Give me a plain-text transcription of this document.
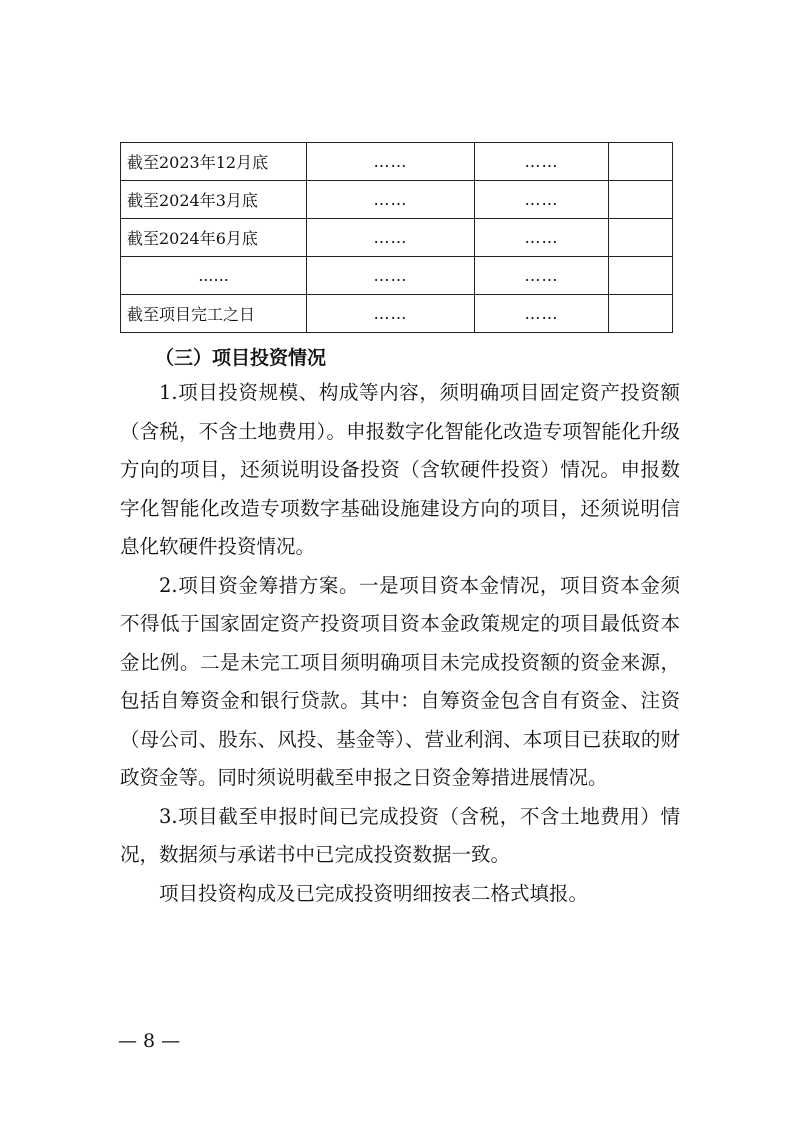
截至2023年12月底	……	……	
截至2024年3月底	……	……	
截至2024年6月底	……	……	
......	……	……	
截至项目完工之日	……	……	
（三）项目投资情况

1.项目投资规模、构成等内容，须明确项目固定资产投资额（含税，不含土地费用）。申报数字化智能化改造专项智能化升级方向的项目，还须说明设备投资（含软硬件投资）情况。申报数字化智能化改造专项数字基础设施建设方向的项目，还须说明信息化软硬件投资情况。

2.项目资金筹措方案。一是项目资本金情况，项目资本金须不得低于国家固定资产投资项目资本金政策规定的项目最低资本金比例。二是未完工项目须明确项目未完成投资额的资金来源，包括自筹资金和银行贷款。其中：自筹资金包含自有资金、注资（母公司、股东、风投、基金等）、营业利润、本项目已获取的财政资金等。同时须说明截至申报之日资金筹措进展情况。

3.项目截至申报时间已完成投资（含税，不含土地费用）情况，数据须与承诺书中已完成投资数据一致。

项目投资构成及已完成投资明细按表二格式填报。

— 8 —
